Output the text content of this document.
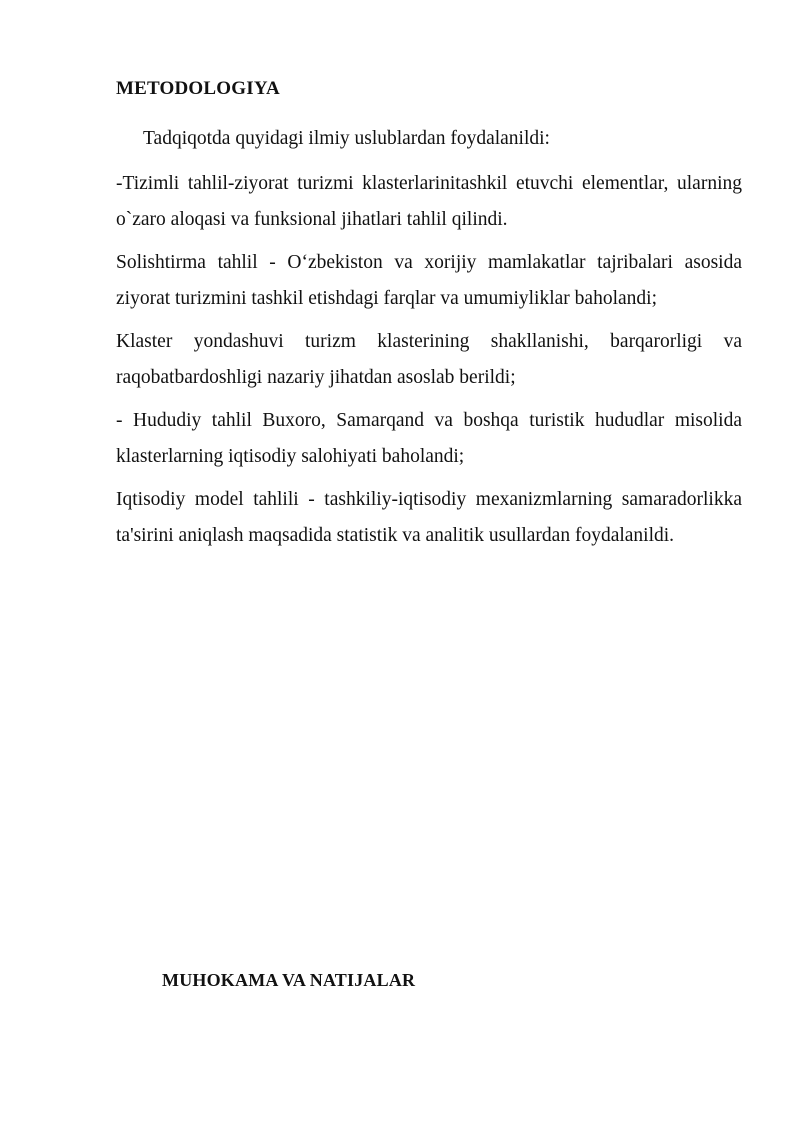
METODOLOGIYA

Tadqiqotda quyidagi ilmiy uslublardan foydalanildi:

-Tizimli tahlil-ziyorat turizmi klasterlarinitashkil etuvchi elementlar, ularning o`zaro aloqasi va funksional jihatlari tahlil qilindi.

Solishtirma tahlil - O‘zbekiston va xorijiy mamlakatlar tajribalari asosida ziyorat turizmini tashkil etishdagi farqlar va umumiyliklar baholandi;

Klaster yondashuvi turizm klasterining shakllanishi, barqarorligi va raqobatbardoshligi nazariy jihatdan asoslab berildi;

- Hududiy tahlil Buxoro, Samarqand va boshqa turistik hududlar misolida klasterlarning iqtisodiy salohiyati baholandi;

Iqtisodiy model tahlili - tashkiliy-iqtisodiy mexanizmlarning samaradorlikka ta'sirini aniqlash maqsadida statistik va analitik usullardan foydalanildi.

MUHOKAMA VA NATIJALAR
